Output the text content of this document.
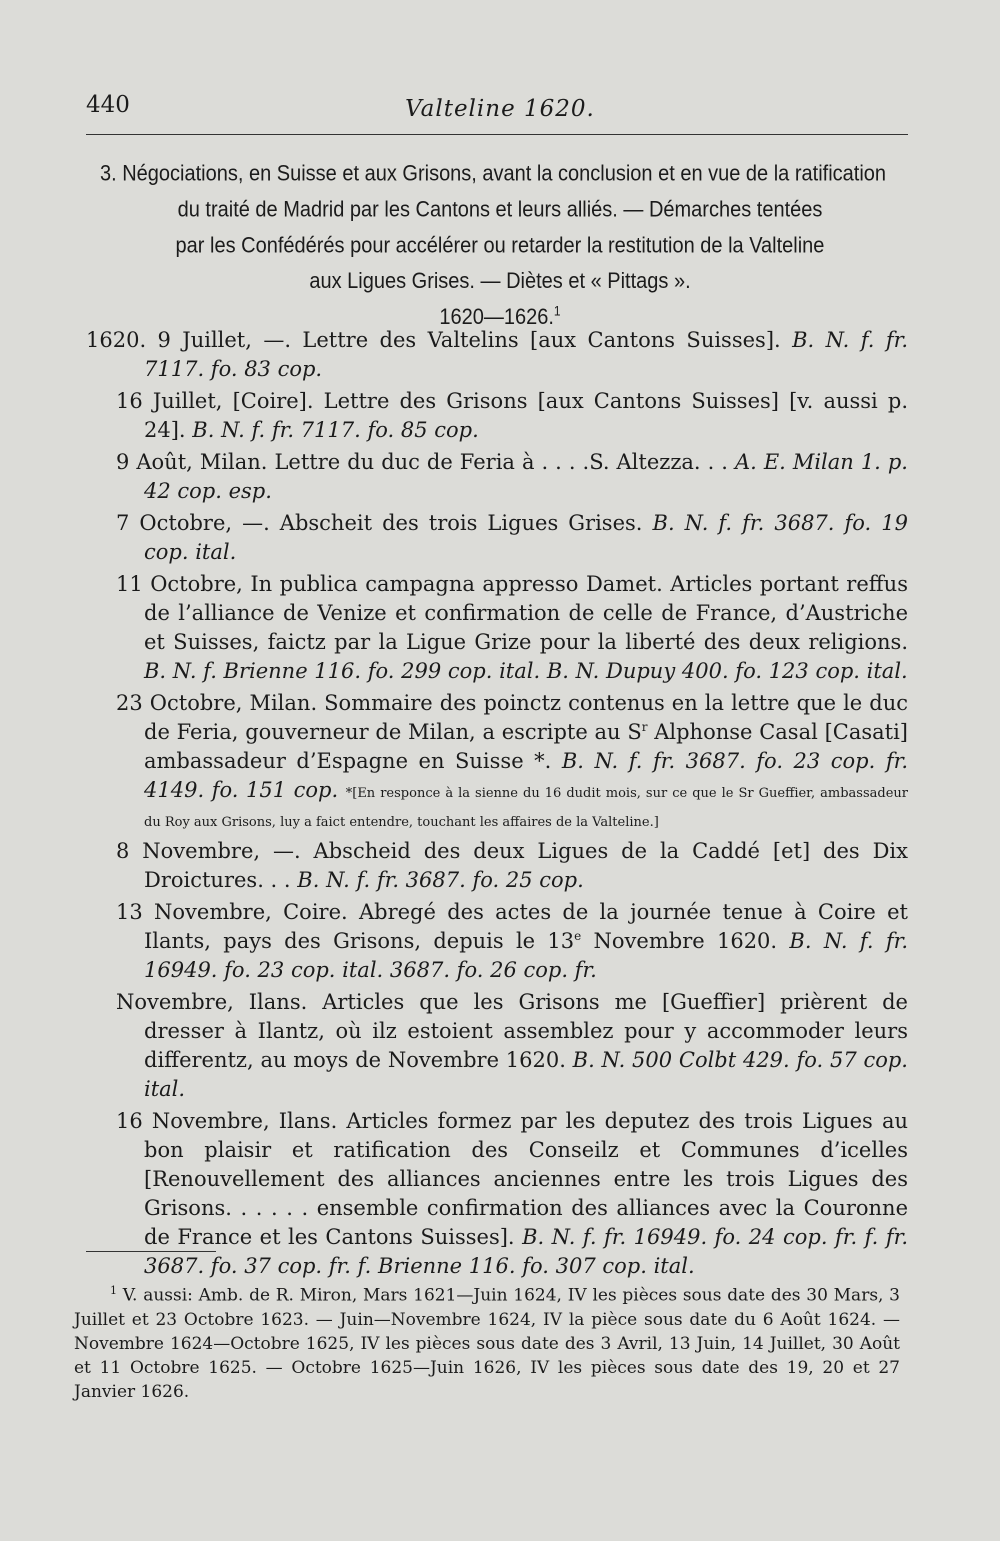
440	Valteline 1620.

3. Négociations, en Suisse et aux Grisons, avant la conclusion et en vue de la ratification

du traité de Madrid par les Cantons et leurs alliés. — Démarches tentées

par les Confédérés pour accélérer ou retarder la restitution de la Valteline

aux Ligues Grises. — Diètes et « Pittags ».

1620—1626.$^1$

1620. 9 Juillet, —. Lettre des Valtelins [aux Cantons Suisses]. B. N. f. fr. 7117. fo. 83 cop.

16 Juillet, [Coire]. Lettre des Grisons [aux Cantons Suisses] [v. aussi p. 24]. B. N. f. fr. 7117. fo. 85 cop.

9 Août, Milan. Lettre du duc de Feria à . . . .S. Altezza. . . A. E. Milan 1. p. 42 cop. esp.

7 Octobre, —. Abscheit des trois Ligues Grises. B. N. f. fr. 3687. fo. 19 cop. ital.

11 Octobre, In publica campagna appresso Damet. Articles portant reffus de l’alliance de Venize et confirmation de celle de France, d’Austriche et Suisses, faictz par la Ligue Grize pour la liberté des deux religions. B. N. f. Brienne 116. fo. 299 cop. ital. B. N. Dupuy 400. fo. 123 cop. ital.

23 Octobre, Milan. Sommaire des poinctz contenus en la lettre que le duc de Feria, gouverneur de Milan, a escripte au $S^r$ Alphonse Casal [Casati] ambassadeur d’Espagne en Suisse *. B. N. f. fr. 3687. fo. 23 cop. fr. 4149. fo. 151 cop. *[En responce à la sienne du 16 dudit mois, sur ce que le Sr Gueffier, ambassadeur du Roy aux Grisons, luy a faict entendre, touchant les affaires de la Valteline.]

8 Novembre, —. Abscheid des deux Ligues de la Caddé [et] des Dix Droictures. . . B. N. f. fr. 3687. fo. 25 cop.

13 Novembre, Coire. Abregé des actes de la journée tenue à Coire et Ilants, pays des Grisons, depuis le 13e Novembre 1620. B. N. f. fr. 16949. fo. 23 cop. ital. 3687. fo. 26 cop. fr.

Novembre, Ilans. Articles que les Grisons me [Gueffier] prièrent de dresser à Ilantz, où ilz estoient assemblez pour y accommoder leurs differentz, au moys de Novembre 1620. B. N. 500 Colbt 429. fo. 57 cop. ital.

16 Novembre, Ilans. Articles formez par les deputez des trois Ligues au bon plaisir et ratification des Conseilz et Communes d’icelles [Renouvellement des alliances anciennes entre les trois Ligues des Grisons. . . . . . ensemble confirmation des alliances avec la Couronne de France et les Cantons Suisses]. B. N. f. fr. 16949. fo. 24 cop. fr. f. fr. 3687. fo. 37 cop. fr. f. Brienne 116. fo. 307 cop. ital.

$^1$ V. aussi: Amb. de R. Miron, Mars 1621—Juin 1624, IV les pièces sous date des 30 Mars, 3 Juillet et 23 Octobre 1623. — Juin—Novembre 1624, IV la pièce sous date du 6 Août 1624. — Novembre 1624—Octobre 1625, IV les pièces sous date des 3 Avril, 13 Juin, 14 Juillet, 30 Août et 11 Octobre 1625. — Octobre 1625—Juin 1626, IV les pièces sous date des 19, 20 et 27 Janvier 1626.
